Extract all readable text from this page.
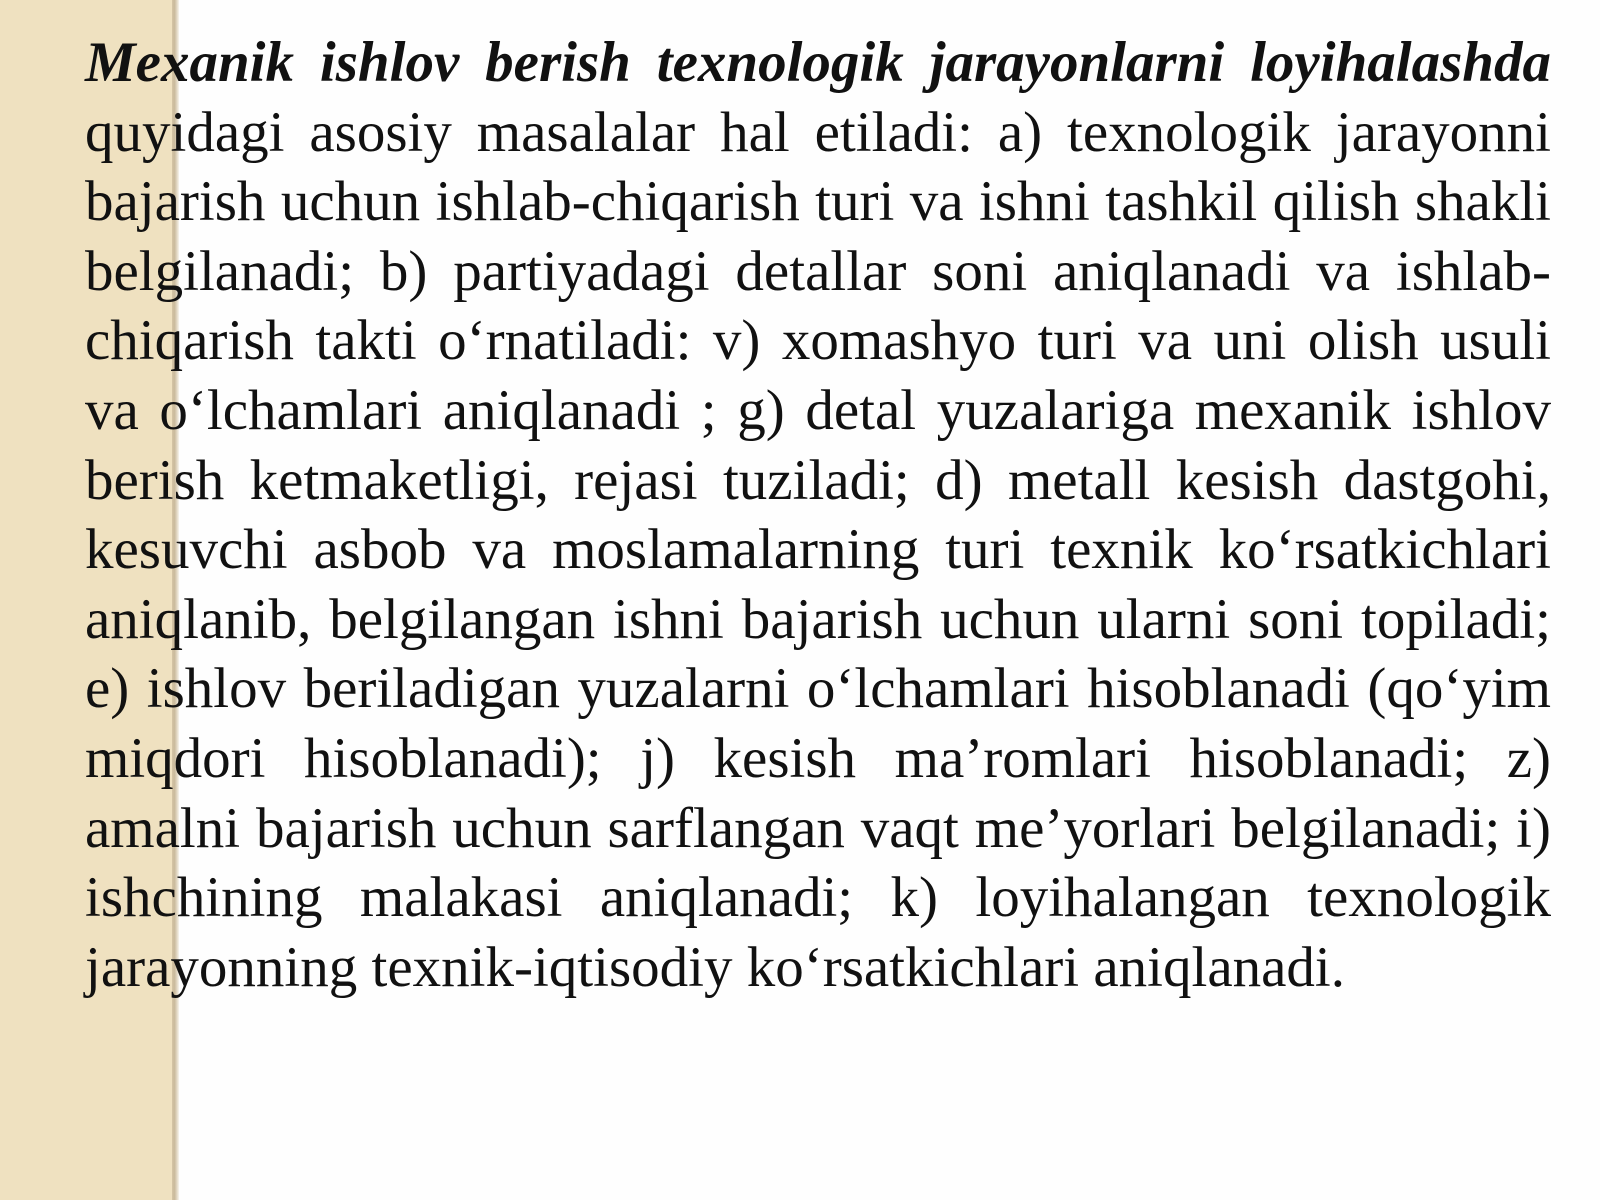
Mexanik ishlov berish texnologik jarayonlarni loyihalashda quyidagi asosiy masalalar hal etiladi: a) texnologik jarayonni bajarish uchun ishlab-chiqarish turi va ishni tashkil qilish shakli belgilanadi; b) partiyadagi detallar soni aniqlanadi va ishlab-chiqarish takti o‘rnatiladi: v) xomashyo turi va uni olish usuli va o‘lchamlari aniqlanadi ; g) detal yuzalariga mexanik ishlov berish ketmaketligi, rejasi tuziladi; d) metall kesish dastgohi, kesuvchi asbob va moslamalarning turi texnik ko‘rsatkichlari aniqlanib, belgilangan ishni bajarish uchun ularni soni topiladi; e) ishlov beriladigan yuzalarni o‘lchamlari hisoblanadi (qo‘yim miqdori hisoblanadi); j) kesish ma’romlari hisoblanadi; z) amalni bajarish uchun sarflangan vaqt me’yorlari belgilanadi; i) ishchining malakasi aniqlanadi; k) loyihalangan texnologik jarayonning texnik-iqtisodiy ko‘rsatkichlari aniqlanadi.
